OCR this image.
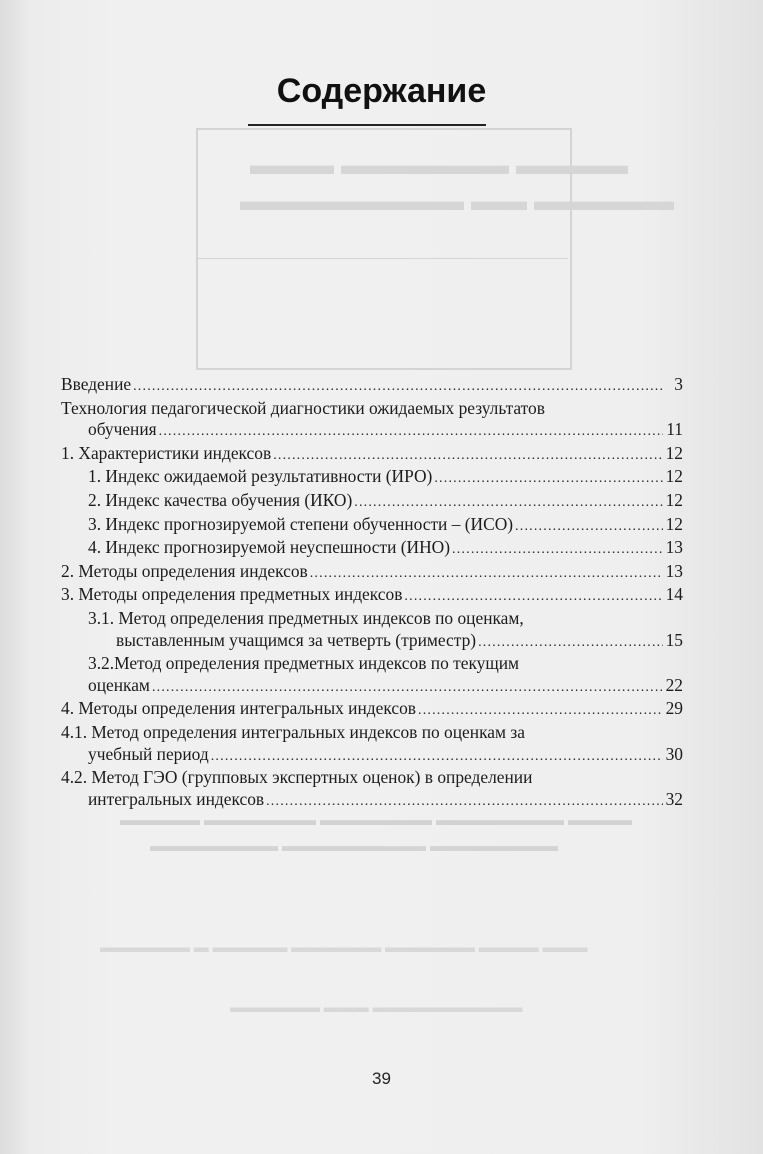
▬▬▬ ▬▬▬▬▬▬ ▬▬▬▬
▬▬▬▬▬▬▬▬ ▬▬ ▬▬▬▬▬
Содержание
Введение .....	3
Технология педагогической диагностики ожидаемых результатов
обучения .....	11
1. Характеристики индексов .....	12
1. Индекс ожидаемой результативности (ИРО) .....	12
2. Индекс качества обучения (ИКО) .....	12
3. Индекс прогнозируемой степени обученности – (ИСО) .....	12
4. Индекс прогнозируемой неуспешности (ИНО) .....	13
2. Методы определения индексов .....	13
3. Методы определения предметных индексов .....	14
3.1. Метод определения предметных индексов по оценкам,
выставленным учащимся за четверть (триместр) .....	15
3.2.Метод определения предметных индексов по текущим
оценкам .....	22
4. Методы определения интегральных индексов .....	29
4.1. Метод определения интегральных индексов по оценкам за
учебный период .....	30
4.2. Метод ГЭО (групповых экспертных оценок) в определении
интегральных индексов .....	32
▬▬▬▬▬ ▬▬▬▬▬▬▬ ▬▬▬▬▬▬▬ ▬▬▬▬▬▬▬▬ ▬▬▬▬
▬▬▬▬▬▬▬▬ ▬▬▬▬▬▬▬▬▬ ▬▬▬▬▬▬▬▬
▬▬▬▬▬▬ ▬ ▬▬▬▬▬ ▬▬▬▬▬▬ ▬▬▬▬▬▬ ▬▬▬▬ ▬▬▬
▬▬▬▬▬▬ ▬▬▬ ▬▬▬▬▬▬▬▬▬▬
39
